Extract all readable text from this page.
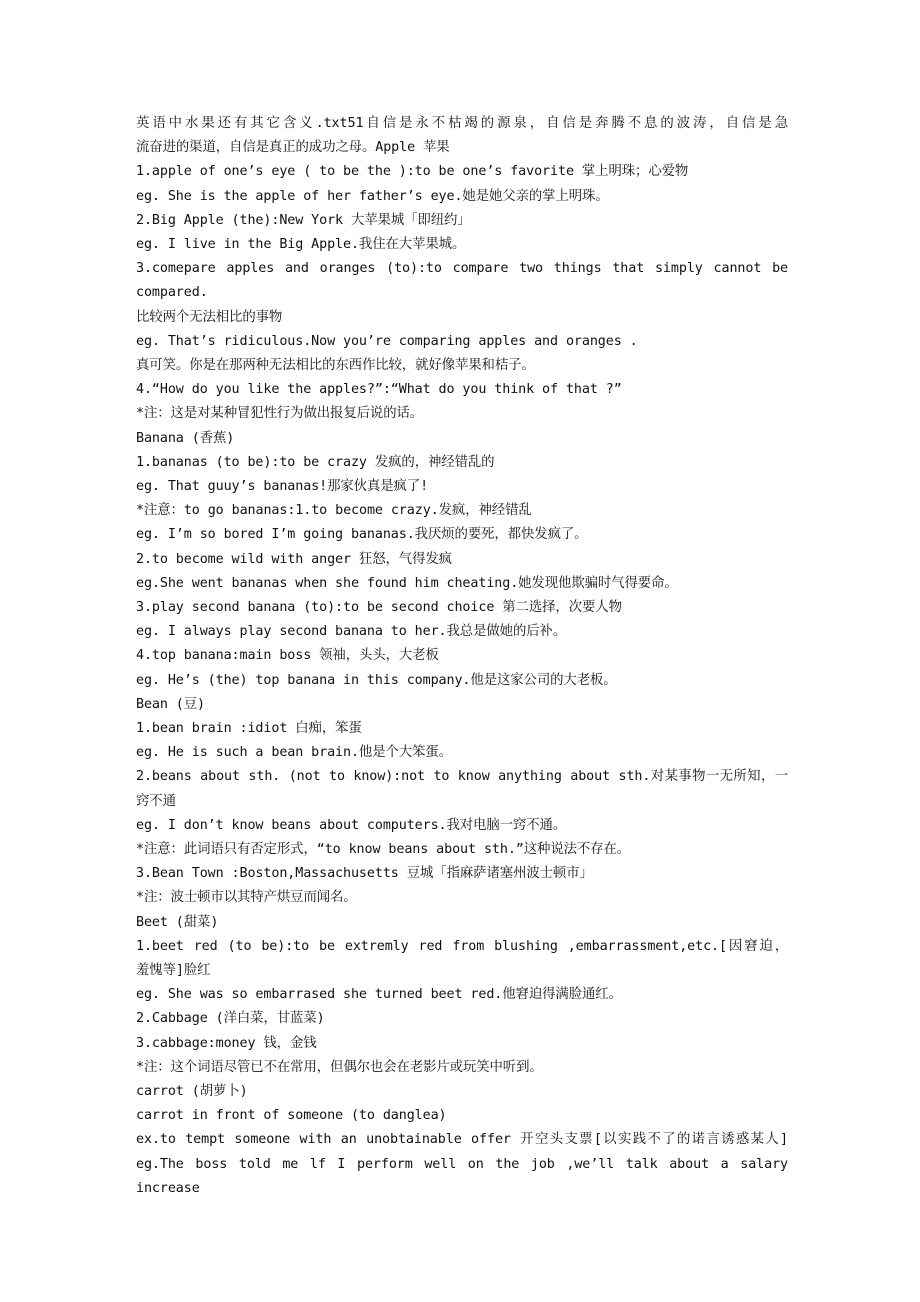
英语中水果还有其它含义.txt51自信是永不枯竭的源泉，自信是奔腾不息的波涛，自信是急
流奋进的渠道，自信是真正的成功之母。Apple 苹果
1.apple of one’s eye ( to be the ):to be one’s favorite 掌上明珠；心爱物
eg. She is the apple of her father’s eye.她是她父亲的掌上明珠。
2.Big Apple (the):New York 大苹果城「即纽约」
eg. I live in the Big Apple.我住在大苹果城。
3.comepare apples and oranges (to):to compare two things that simply cannot be
compared.
比较两个无法相比的事物
eg. That’s ridiculous.Now you’re comparing apples and oranges .
真可笑。你是在那两种无法相比的东西作比较，就好像苹果和桔子。
4.“How do you like the apples?”:“What do you think of that ?”
*注：这是对某种冒犯性行为做出报复后说的话。
Banana (香蕉)
1.bananas (to be):to be crazy 发疯的，神经错乱的
eg. That guuy’s bananas!那家伙真是疯了!
*注意：to go bananas:1.to become crazy.发疯，神经错乱
eg. I’m so bored I’m going bananas.我厌烦的要死，都快发疯了。
2.to become wild with anger 狂怒，气得发疯
eg.She went bananas when she found him cheating.她发现他欺骗时气得要命。
3.play second banana (to):to be second choice 第二选择，次要人物
eg. I always play second banana to her.我总是做她的后补。
4.top banana:main boss 领袖，头头，大老板
eg. He’s (the) top banana in this company.他是这家公司的大老板。
Bean (豆)
1.bean brain :idiot 白痴，笨蛋
eg. He is such a bean brain.他是个大笨蛋。
2.beans about sth. (not to know):not to know anything about sth.对某事物一无所知，一
窍不通
eg. I don’t know beans about computers.我对电脑一窍不通。
*注意：此词语只有否定形式，“to know beans about sth.”这种说法不存在。
3.Bean Town :Boston,Massachusetts 豆城「指麻萨诸塞州波士顿市」
*注：波士顿市以其特产烘豆而闻名。
Beet (甜菜)
1.beet red (to be):to be extremly red from blushing ,embarrassment,etc.[因窘迫，
羞愧等]脸红
eg. She was so embarrased she turned beet red.他窘迫得满脸通红。
2.Cabbage (洋白菜，甘蓝菜)
3.cabbage:money 钱，金钱
*注：这个词语尽管已不在常用，但偶尔也会在老影片或玩笑中听到。
carrot (胡萝卜)
carrot in front of someone (to danglea)
ex.to tempt someone with an unobtainable offer 开空头支票[以实践不了的诺言诱惑某人]
eg.The boss told me lf I perform well on the job ,we’ll talk about a salary increase
